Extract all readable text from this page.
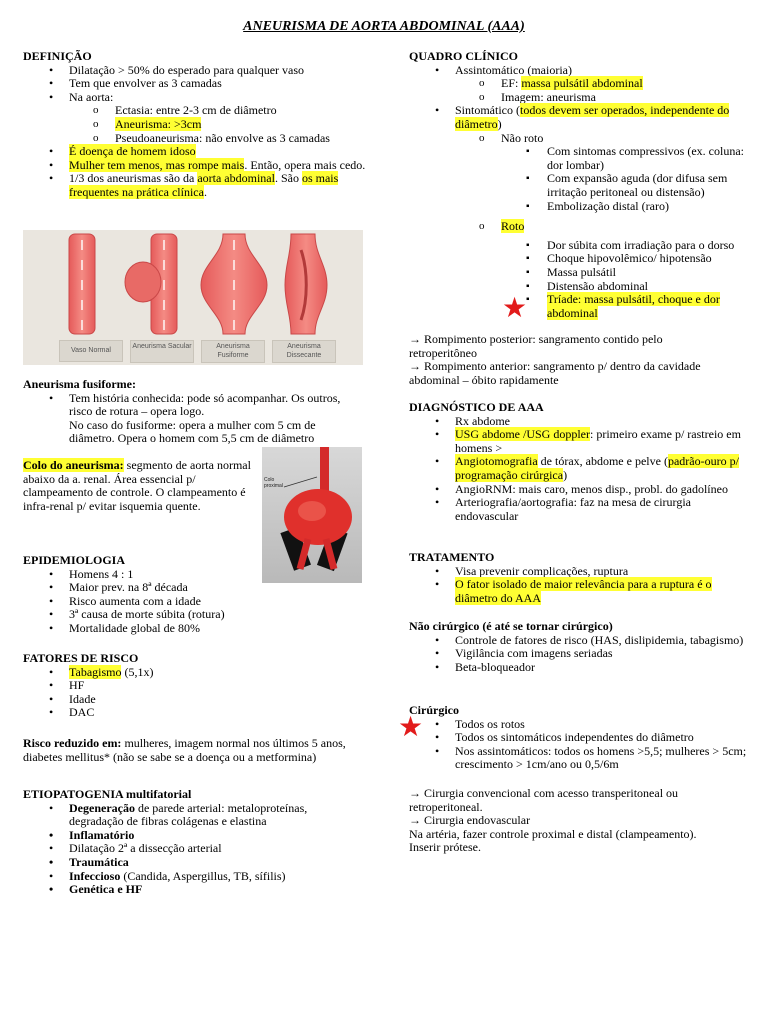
ANEURISMA DE AORTA ABDOMINAL (AAA)
DEFINIÇÃO
• Dilatação > 50% do esperado para qualquer vaso
• Tem que envolver as 3 camadas
• Na aorta:
o Ectasia: entre 2-3 cm de diâmetro
o Aneurisma: >3cm
o Pseudoaneurisma: não envolve as 3 camadas
• É doença de homem idoso
• Mulher tem menos, mas rompe mais. Então, opera mais cedo.
• 1/3 dos aneurismas são da aorta abdominal. São os mais frequentes na prática clínica.
Vaso Normal
Aneurisma Sacular	Aneurisma Fusiforme
Aneurisma Dissecante
Aneurisma fusiforme:
• Tem história conhecida: pode só acompanhar. Os outros, risco de rotura – opera logo.
No caso do fusiforme: opera a mulher com 5 cm de diâmetro. Opera o homem com 5,5 cm de diâmetro
Colo do aneurisma: segmento de aorta normal abaixo da a. renal. Área essencial p/ clampeamento de controle. O clampeamento é infra-renal p/ evitar isquemia quente.
Colo proximal
EPIDEMIOLOGIA
• Homens 4 : 1
• Maior prev. na 8ª década
• Risco aumenta com a idade
• 3ª causa de morte súbita (rotura)
• Mortalidade global de 80%
FATORES DE RISCO
• Tabagismo (5,1x)
• HF
• Idade
• DAC
Risco reduzido em: mulheres, imagem normal nos últimos 5 anos, diabetes mellitus* (não se sabe se a doença ou a metformina)
ETIOPATOGENIA multifatorial
• Degeneração de parede arterial: metaloproteínas, degradação de fibras colágenas e elastina
• Inflamatório
• Dilatação 2ª a dissecção arterial
• Traumática
• Infeccioso (Candida, Aspergillus, TB, sífilis)
• Genética e HF
QUADRO CLÍNICO
• Assintomático (maioria)
o EF: massa pulsátil abdominal
o Imagem: aneurisma
• Sintomático (todos devem ser operados, independente do diâmetro)
o Não roto
▪ Com sintomas compressivos (ex. coluna: dor lombar)
▪ Com expansão aguda (dor difusa sem irritação peritoneal ou distensão)
▪ Embolização distal (raro)
o Roto
▪ Dor súbita com irradiação para o dorso
▪ Choque hipovolêmico/ hipotensão
▪ Massa pulsátil
▪ Distensão abdominal
▪ Tríade: massa pulsátil, choque e dor abdominal
★
→ Rompimento posterior: sangramento contido pelo retroperitôneo
→ Rompimento anterior: sangramento p/ dentro da cavidade abdominal – óbito rapidamente
DIAGNÓSTICO DE AAA
• Rx abdome
• USG abdome /USG doppler: primeiro exame p/ rastreio em homens >
• Angiotomografia de tórax, abdome e pelve (padrão-ouro p/ programação cirúrgica)
• AngioRNM: mais caro, menos disp., probl. do gadolíneo
• Arteriografia/aortografia: faz na mesa de cirurgia endovascular
TRATAMENTO
• Visa prevenir complicações, ruptura
• O fator isolado de maior relevância para a ruptura é o diâmetro do AAA
Não cirúrgico (é até se tornar cirúrgico)
• Controle de fatores de risco (HAS, dislipidemia, tabagismo)
• Vigilância com imagens seriadas
• Beta-bloqueador
Cirúrgico
• Todos os rotos
• Todos os sintomáticos independentes do diâmetro
• Nos assintomáticos: todos os homens >5,5; mulheres > 5cm; crescimento > 1cm/ano ou 0,5/6m
★
→ Cirurgia convencional com acesso transperitoneal ou retroperitoneal.
→ Cirurgia endovascular
Na artéria, fazer controle proximal e distal (clampeamento).
Inserir prótese.
